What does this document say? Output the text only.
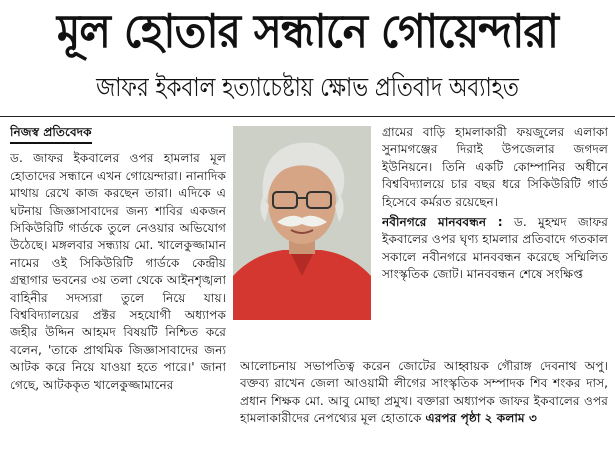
মূল হোতার সন্ধানে গোয়েন্দারা
জাফর ইকবাল হত্যাচেষ্টায় ক্ষোভ প্রতিবাদ অব্যাহত
নিজস্ব প্রতিবেদক

ড. জাফর ইকবালের ওপর হামলার মূল হোতাদের সন্ধানে এখন গোয়েন্দারা। নানাদিক মাথায় রেখে কাজ করছেন তারা। এদিকে এ ঘটনায় জিজ্ঞাসাবাদের জন্য শাবির একজন সিকিউরিটি গার্ডকে তুলে নেওয়ার অভিযোগ উঠেছে। মঙ্গলবার সন্ধ্যায় মো. খালেকুজ্জামান নামের ওই সিকিউরিটি গার্ডকে কেন্দ্রীয় গ্রন্থাগার ভবনের ৩য় তলা থেকে আইনশৃঙ্খলা বাহিনীর সদস্যরা তুলে নিয়ে যায়। বিশ্ববিদ্যালয়ের প্রক্টর সহযোগী অধ্যাপক জহীর উদ্দিন আহমদ বিষয়টি নিশ্চিত করে বলেন, 'তাকে প্রাথমিক জিজ্ঞাসাবাদের জন্য আটক করে নিয়ে যাওয়া হতে পারে।' জানা গেছে, আটককৃত খালেকুজ্জামানের

গ্রামের বাড়ি হামলাকারী ফয়জুলের এলাকা সুনামগঞ্জের দিরাই উপজেলার জগদল ইউনিয়নে। তিনি একটি কোম্পানির অধীনে বিশ্ববিদ্যালয়ে চার বছর ধরে সিকিউরিটি গার্ড হিসেবে কর্মরত রয়েছেন।

নবীনগরে মানববন্ধন : ড. মুহম্মদ জাফর ইকবালের ওপর ঘৃণ্য হামলার প্রতিবাদে গতকাল সকালে নবীনগরে মানববন্ধন করেছে সম্মিলিত সাংস্কৃতিক জোট। মানববন্ধন শেষে সংক্ষিপ্ত

আলোচনায় সভাপতিত্ব করেন জোটের আহ্বায়ক গৌরাঙ্গ দেবনাথ অপু। বক্তব্য রাখেন জেলা আওয়ামী লীগের সাংস্কৃতিক সম্পাদক শিব শংকর দাস, প্রধান শিক্ষক মো. আবু মোছা প্রমুখ। বক্তারা অধ্যাপক জাফর ইকবালের ওপর হামলাকারীদের নেপথ্যের মূল হোতাকে এরপর পৃষ্ঠা ২ কলাম ৩
